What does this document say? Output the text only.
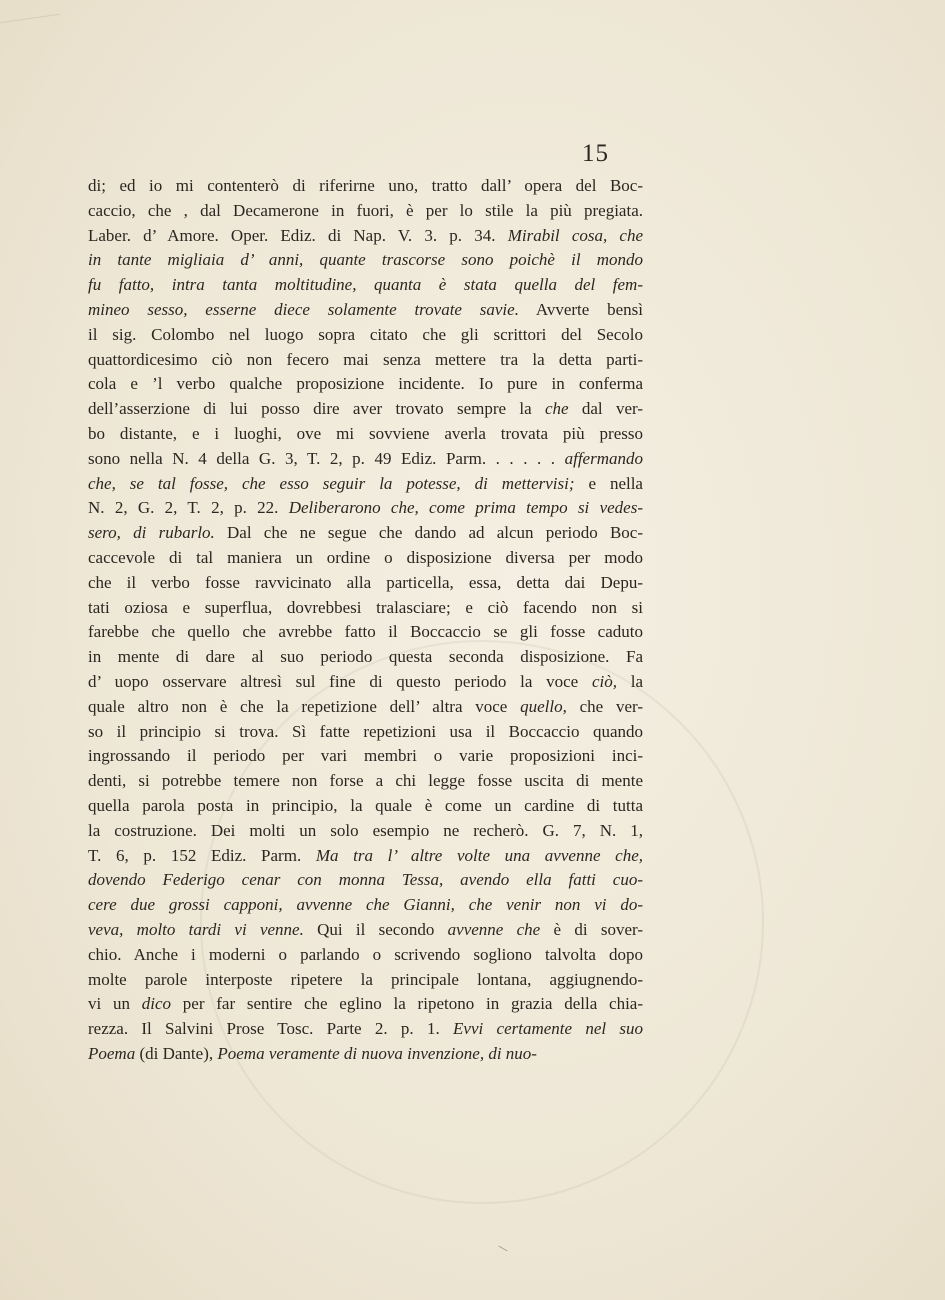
15
di; ed io mi contenterò di riferirne uno, tratto dall’ opera del Boc-
caccio, che , dal Decamerone in fuori, è per lo stile la più pregiata.
Laber. d’ Amore. Oper. Ediz. di Nap. V. 3. p. 34. Mirabil cosa, che
in tante migliaia d’ anni, quante trascorse sono poichè il mondo
fu fatto, intra tanta moltitudine, quanta è stata quella del fem-
mineo sesso, esserne diece solamente trovate savie. Avverte bensì
il sig. Colombo nel luogo sopra citato che gli scrittori del Secolo
quattordicesimo ciò non fecero mai senza mettere tra la detta parti-
cola e ’l verbo qualche proposizione incidente. Io pure in conferma
dell’asserzione di lui posso dire aver trovato sempre la che dal ver-
bo distante, e i luoghi, ove mi sovviene averla trovata più presso
sono nella N. 4 della G. 3, T. 2, p. 49 Ediz. Parm. . . . . . affermando
che, se tal fosse, che esso seguir la potesse, di mettervisi; e nella
N. 2, G. 2, T. 2, p. 22. Deliberarono che, come prima tempo si vedes-
sero, di rubarlo. Dal che ne segue che dando ad alcun periodo Boc-
caccevole di tal maniera un ordine o disposizione diversa per modo
che il verbo fosse ravvicinato alla particella, essa, detta dai Depu-
tati oziosa e superflua, dovrebbesi tralasciare; e ciò facendo non si
farebbe che quello che avrebbe fatto il Boccaccio se gli fosse caduto
in mente di dare al suo periodo questa seconda disposizione. Fa
d’ uopo osservare altresì sul fine di questo periodo la voce ciò, la
quale altro non è che la repetizione dell’ altra voce quello, che ver-
so il principio si trova. Sì fatte repetizioni usa il Boccaccio quando
ingrossando il periodo per vari membri o varie proposizioni inci-
denti, si potrebbe temere non forse a chi legge fosse uscita di mente
quella parola posta in principio, la quale è come un cardine di tutta
la costruzione. Dei molti un solo esempio ne recherò. G. 7, N. 1,
T. 6, p. 152 Ediz. Parm. Ma tra l’ altre volte una avvenne che,
dovendo Federigo cenar con monna Tessa, avendo ella fatti cuo-
cere due grossi capponi, avvenne che Gianni, che venir non vi do-
veva, molto tardi vi venne. Qui il secondo avvenne che è di sover-
chio. Anche i moderni o parlando o scrivendo sogliono talvolta dopo
molte parole interposte ripetere la principale lontana, aggiugnendo-
vi un dico per far sentire che eglino la ripetono in grazia della chia-
rezza. Il Salvini Prose Tosc. Parte 2. p. 1. Evvi certamente nel suo
Poema (di Dante), Poema veramente di nuova invenzione, di nuo-
